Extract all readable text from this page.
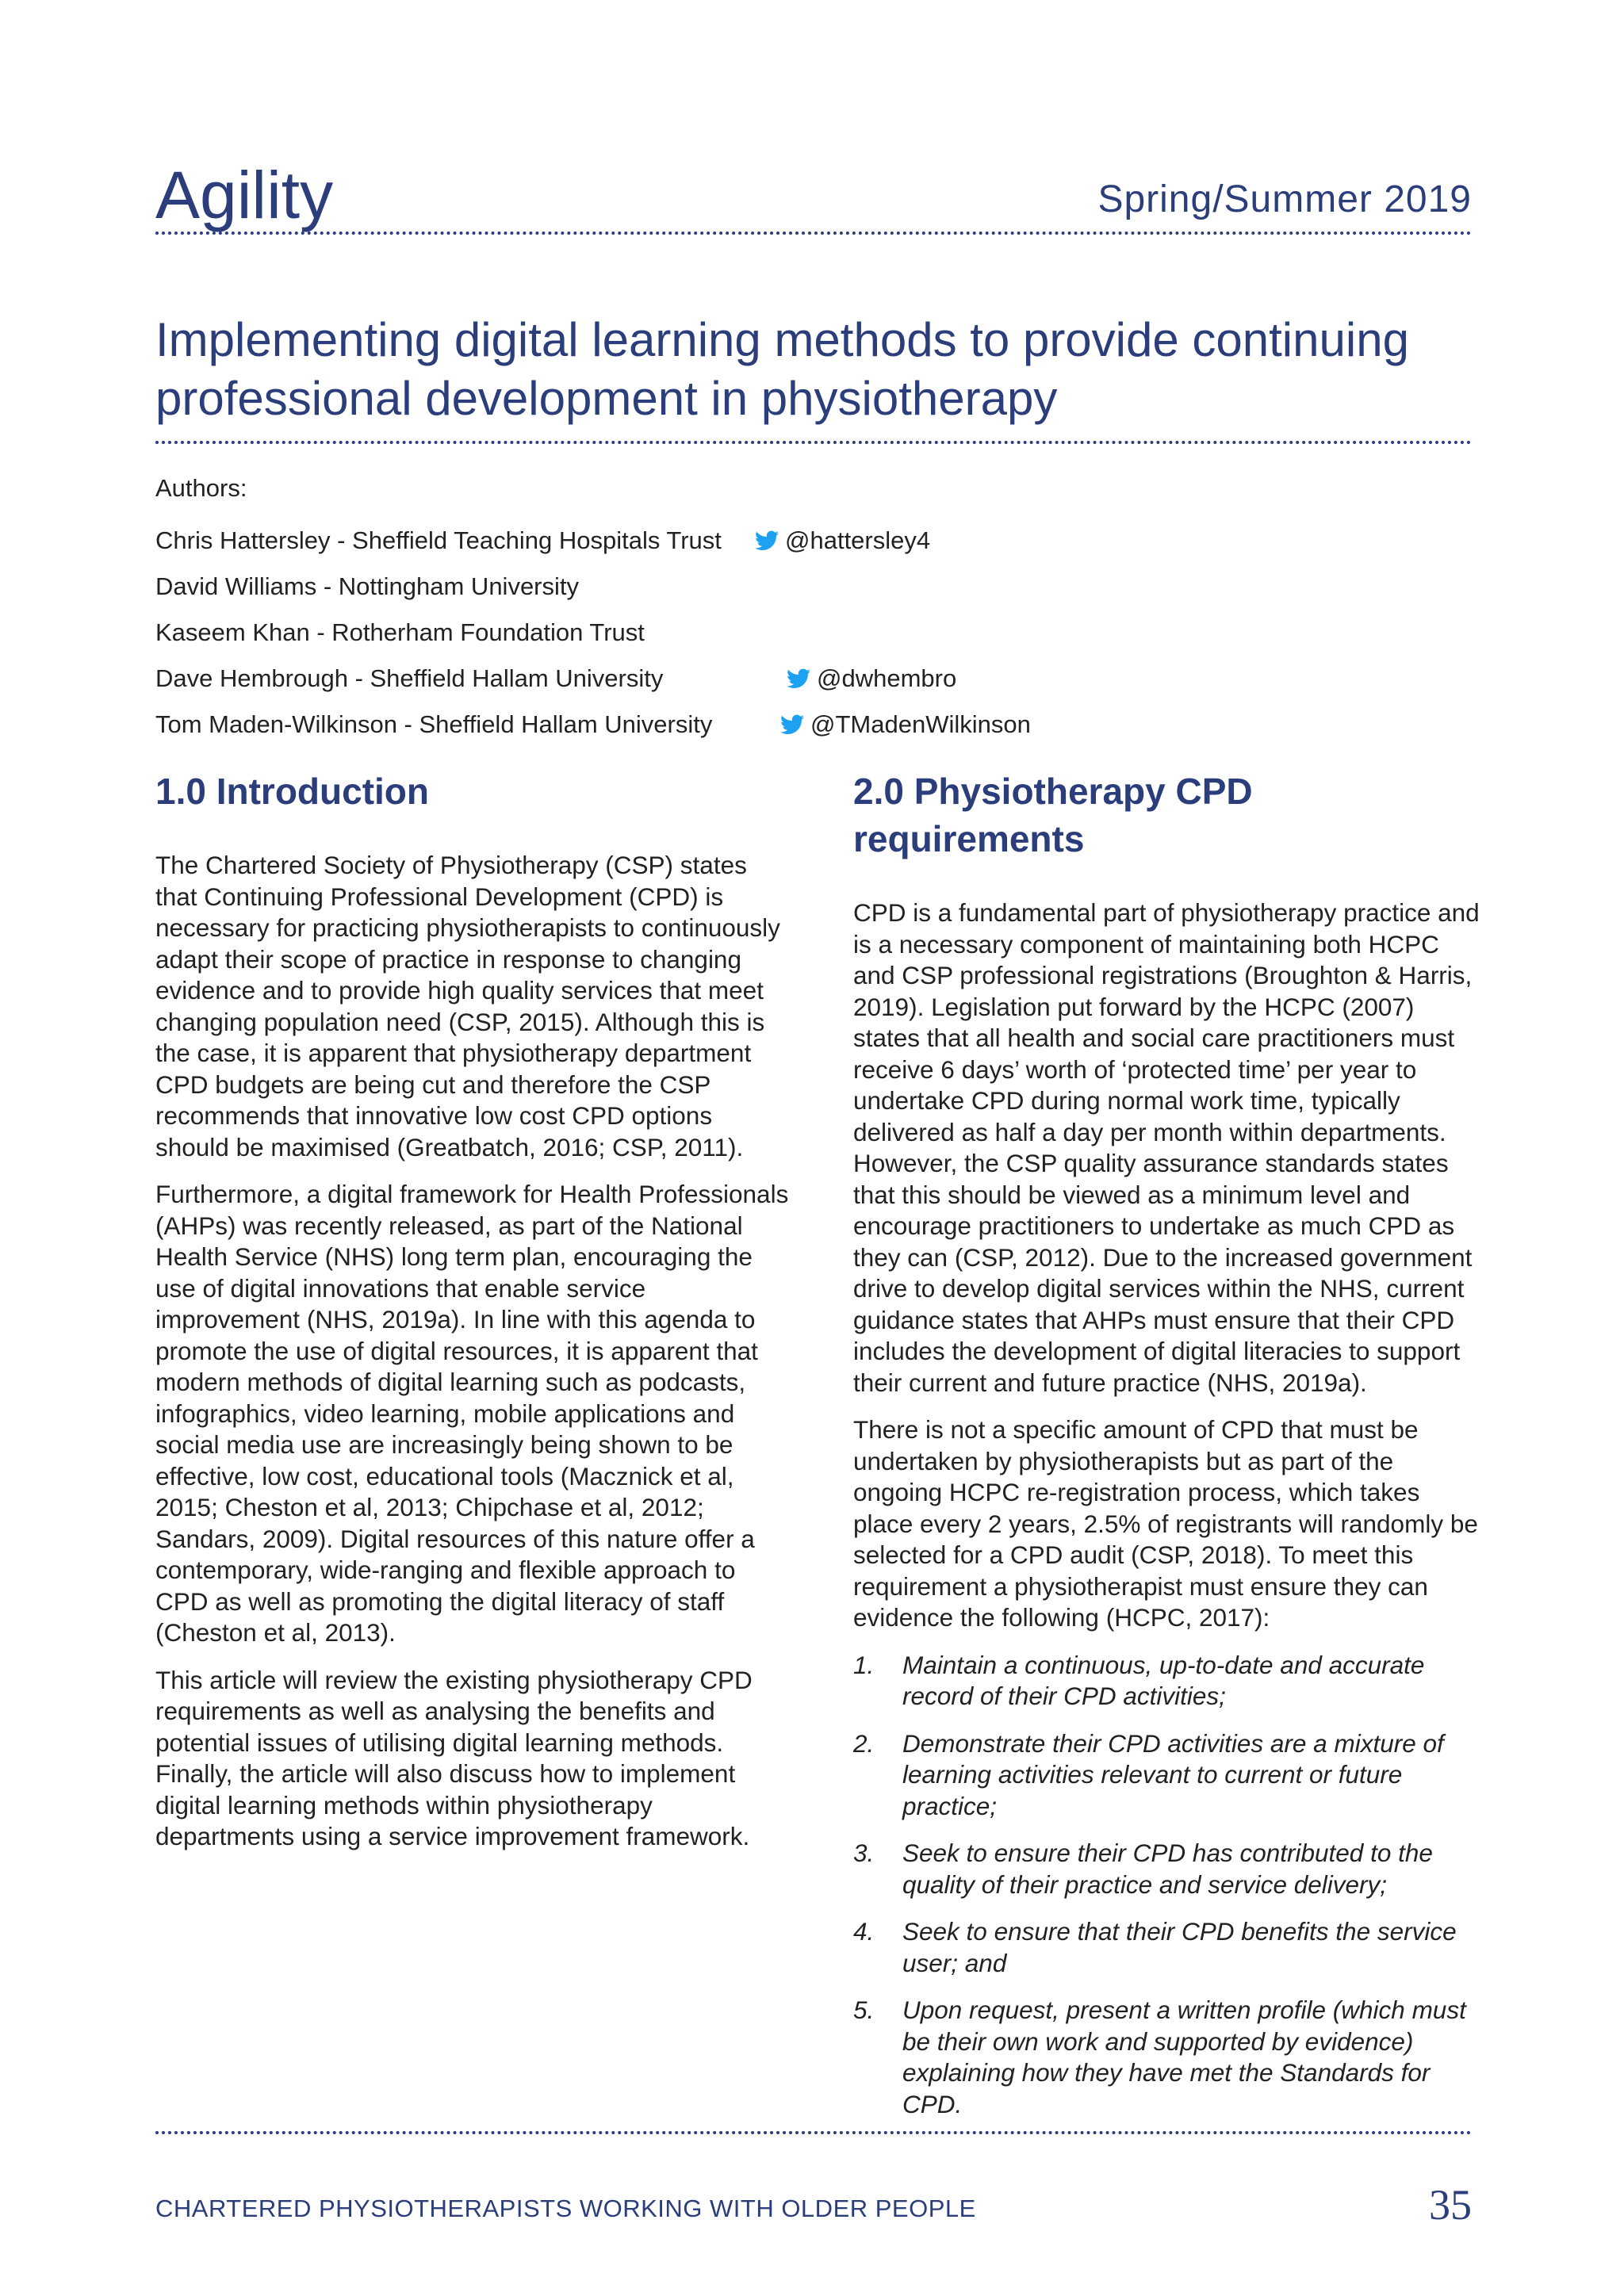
Agility	Spring/Summer 2019
Implementing digital learning methods to provide continuing professional development in physiotherapy
Authors:
Chris Hattersley - Sheffield Teaching Hospitals Trust	@hattersley4
David Williams - Nottingham University
Kaseem Khan - Rotherham Foundation Trust
Dave Hembrough - Sheffield Hallam University	@dwhembro
Tom Maden-Wilkinson - Sheffield Hallam University	@TMadenWilkinson
1.0 Introduction

The Chartered Society of Physiotherapy (CSP) states that Continuing Professional Development (CPD) is necessary for practicing physiotherapists to continuously adapt their scope of practice in response to changing evidence and to provide high quality services that meet changing population need (CSP, 2015). Although this is the case, it is apparent that physiotherapy department CPD budgets are being cut and therefore the CSP recommends that innovative low cost CPD options should be maximised (Greatbatch, 2016; CSP, 2011).

Furthermore, a digital framework for Health Professionals (AHPs) was recently released, as part of the National Health Service (NHS) long term plan, encouraging the use of digital innovations that enable service improvement (NHS, 2019a). In line with this agenda to promote the use of digital resources, it is apparent that modern methods of digital learning such as podcasts, infographics, video learning, mobile applications and social media use are increasingly being shown to be effective, low cost, educational tools (Macznick et al, 2015; Cheston et al, 2013; Chipchase et al, 2012; Sandars, 2009). Digital resources of this nature offer a contemporary, wide-ranging and flexible approach to CPD as well as promoting the digital literacy of staff (Cheston et al, 2013).

This article will review the existing physiotherapy CPD requirements as well as analysing the benefits and potential issues of utilising digital learning methods. Finally, the article will also discuss how to implement digital learning methods within physiotherapy departments using a service improvement framework.

2.0 Physiotherapy CPD requirements

CPD is a fundamental part of physiotherapy practice and is a necessary component of maintaining both HCPC and CSP professional registrations (Broughton & Harris, 2019). Legislation put forward by the HCPC (2007) states that all health and social care practitioners must receive 6 days’ worth of ‘protected time’ per year to undertake CPD during normal work time, typically delivered as half a day per month within departments. However, the CSP quality assurance standards states that this should be viewed as a minimum level and encourage practitioners to undertake as much CPD as they can (CSP, 2012). Due to the increased government drive to develop digital services within the NHS, current guidance states that AHPs must ensure that their CPD includes the development of digital literacies to support their current and future practice (NHS, 2019a).

There is not a specific amount of CPD that must be undertaken by physiotherapists but as part of the ongoing HCPC re-registration process, which takes place every 2 years, 2.5% of registrants will randomly be selected for a CPD audit (CSP, 2018). To meet this requirement a physiotherapist must ensure they can evidence the following (HCPC, 2017):

1. Maintain a continuous, up-to-date and accurate record of their CPD activities;
2. Demonstrate their CPD activities are a mixture of learning activities relevant to current or future practice;
3. Seek to ensure their CPD has contributed to the quality of their practice and service delivery;
4. Seek to ensure that their CPD benefits the service user; and
5. Upon request, present a written profile (which must be their own work and supported by evidence) explaining how they have met the Standards for CPD.
CHARTERED PHYSIOTHERAPISTS WORKING WITH OLDER PEOPLE	35
